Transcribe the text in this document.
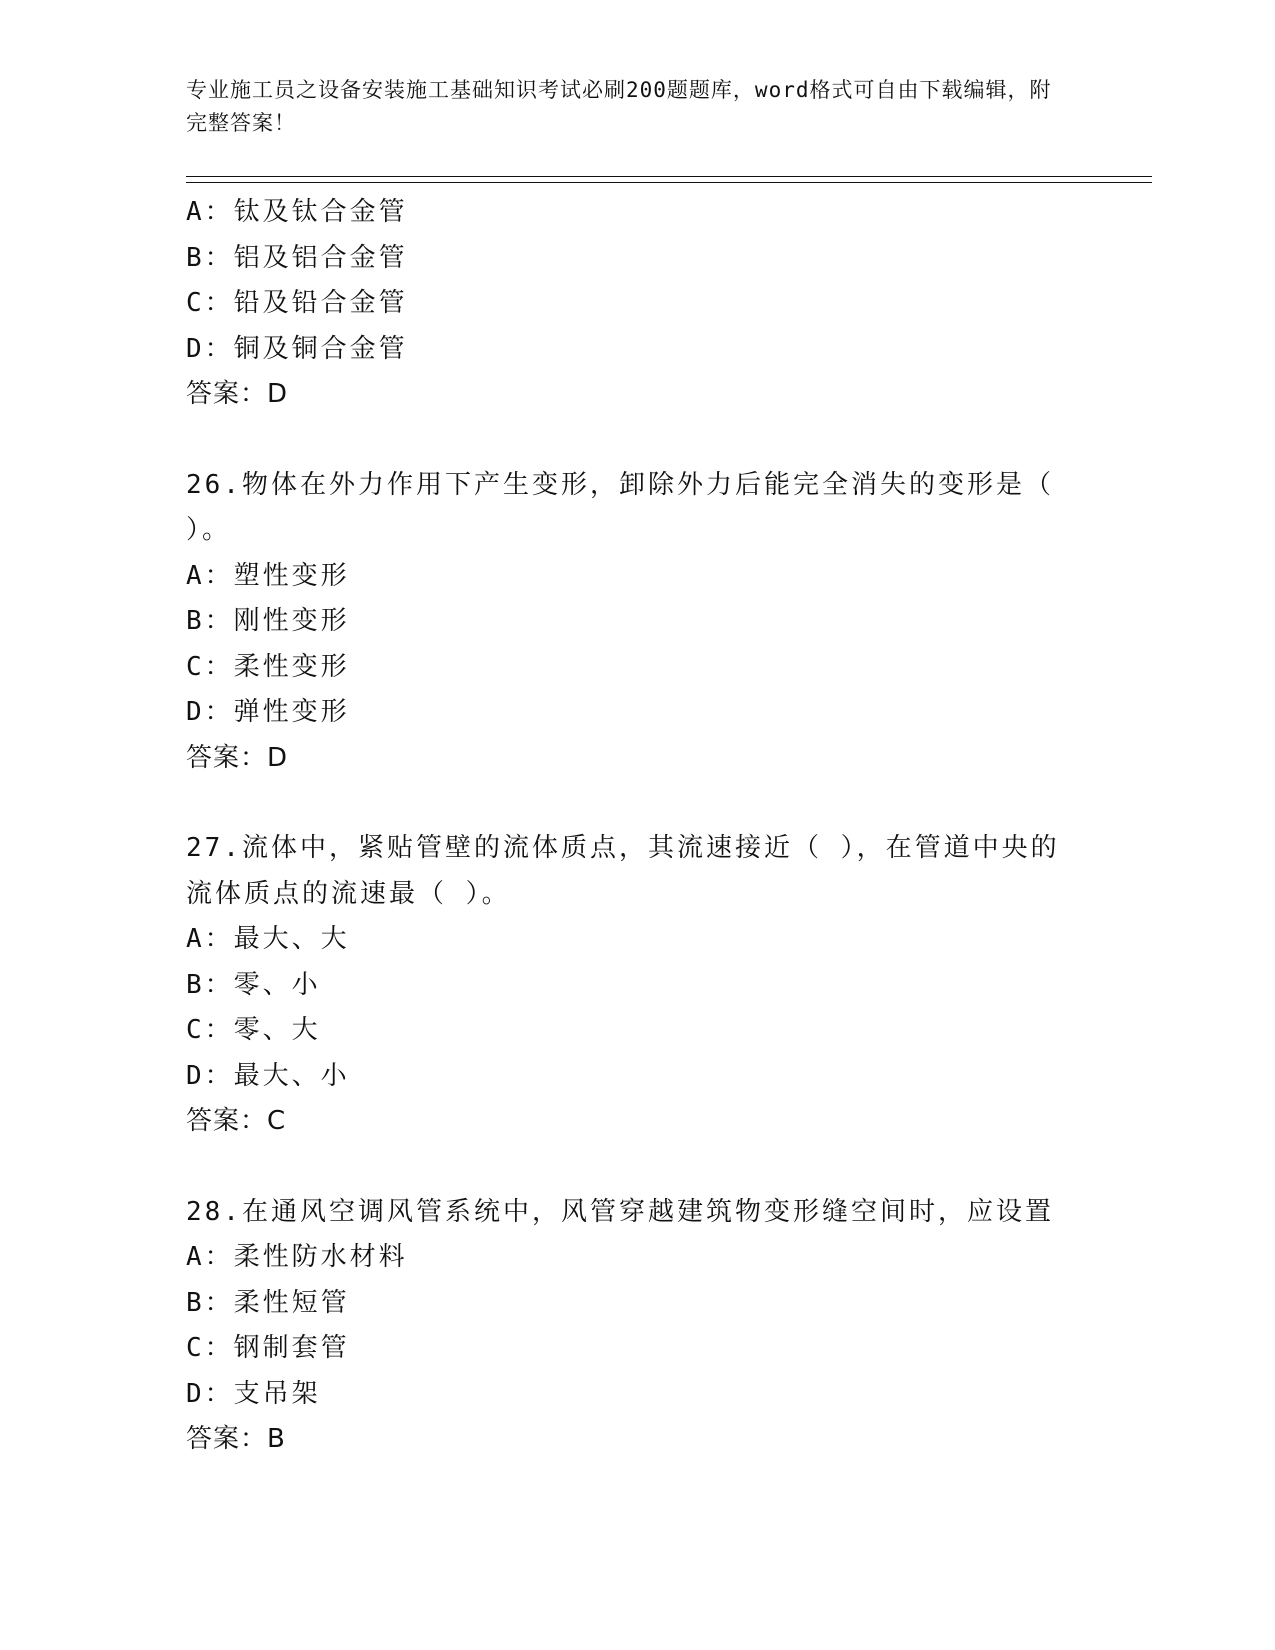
专业施工员之设备安装施工基础知识考试必刷200题题库，word格式可自由下载编辑，附完整答案！
A：钛及钛合金管
B：铝及铝合金管
C：铅及铅合金管
D：铜及铜合金管
答案：D
26.物体在外力作用下产生变形，卸除外力后能完全消失的变形是（ ）。
A：塑性变形
B：刚性变形
C：柔性变形
D：弹性变形
答案：D
27.流体中，紧贴管壁的流体质点，其流速接近（ ），在管道中央的流体质点的流速最（ ）。
A：最大、大
B：零、小
C：零、大
D：最大、小
答案：C
28.在通风空调风管系统中，风管穿越建筑物变形缝空间时，应设置
A：柔性防水材料
B：柔性短管
C：钢制套管
D：支吊架
答案：B
